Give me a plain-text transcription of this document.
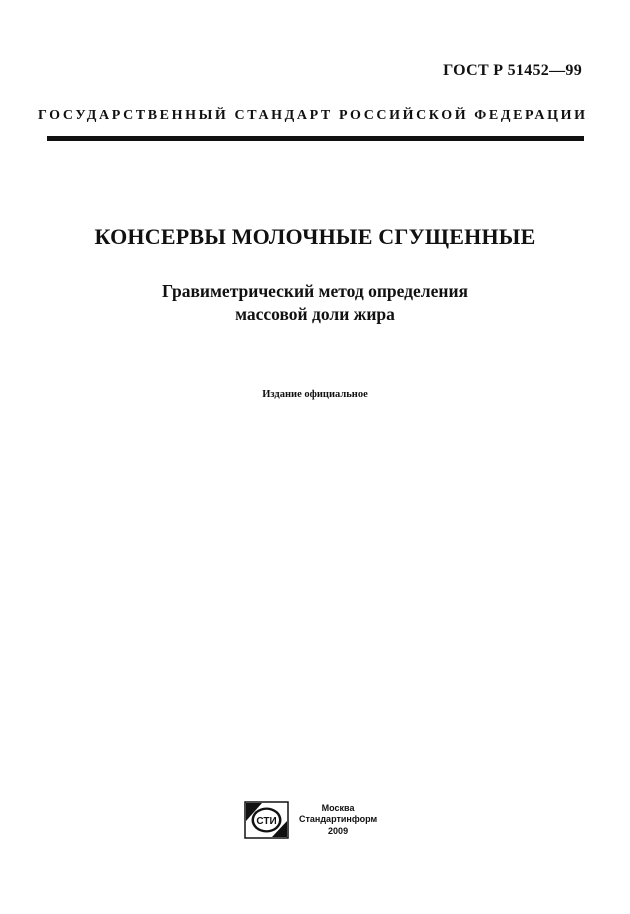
ГОСТ Р 51452—99
ГОСУДАРСТВЕННЫЙ СТАНДАРТ РОССИЙСКОЙ ФЕДЕРАЦИИ
КОНСЕРВЫ МОЛОЧНЫЕ СГУЩЕННЫЕ
Гравиметрический метод определения
массовой доли жира
Издание официальное
СТИ
Москва
Стандартинформ
2009
